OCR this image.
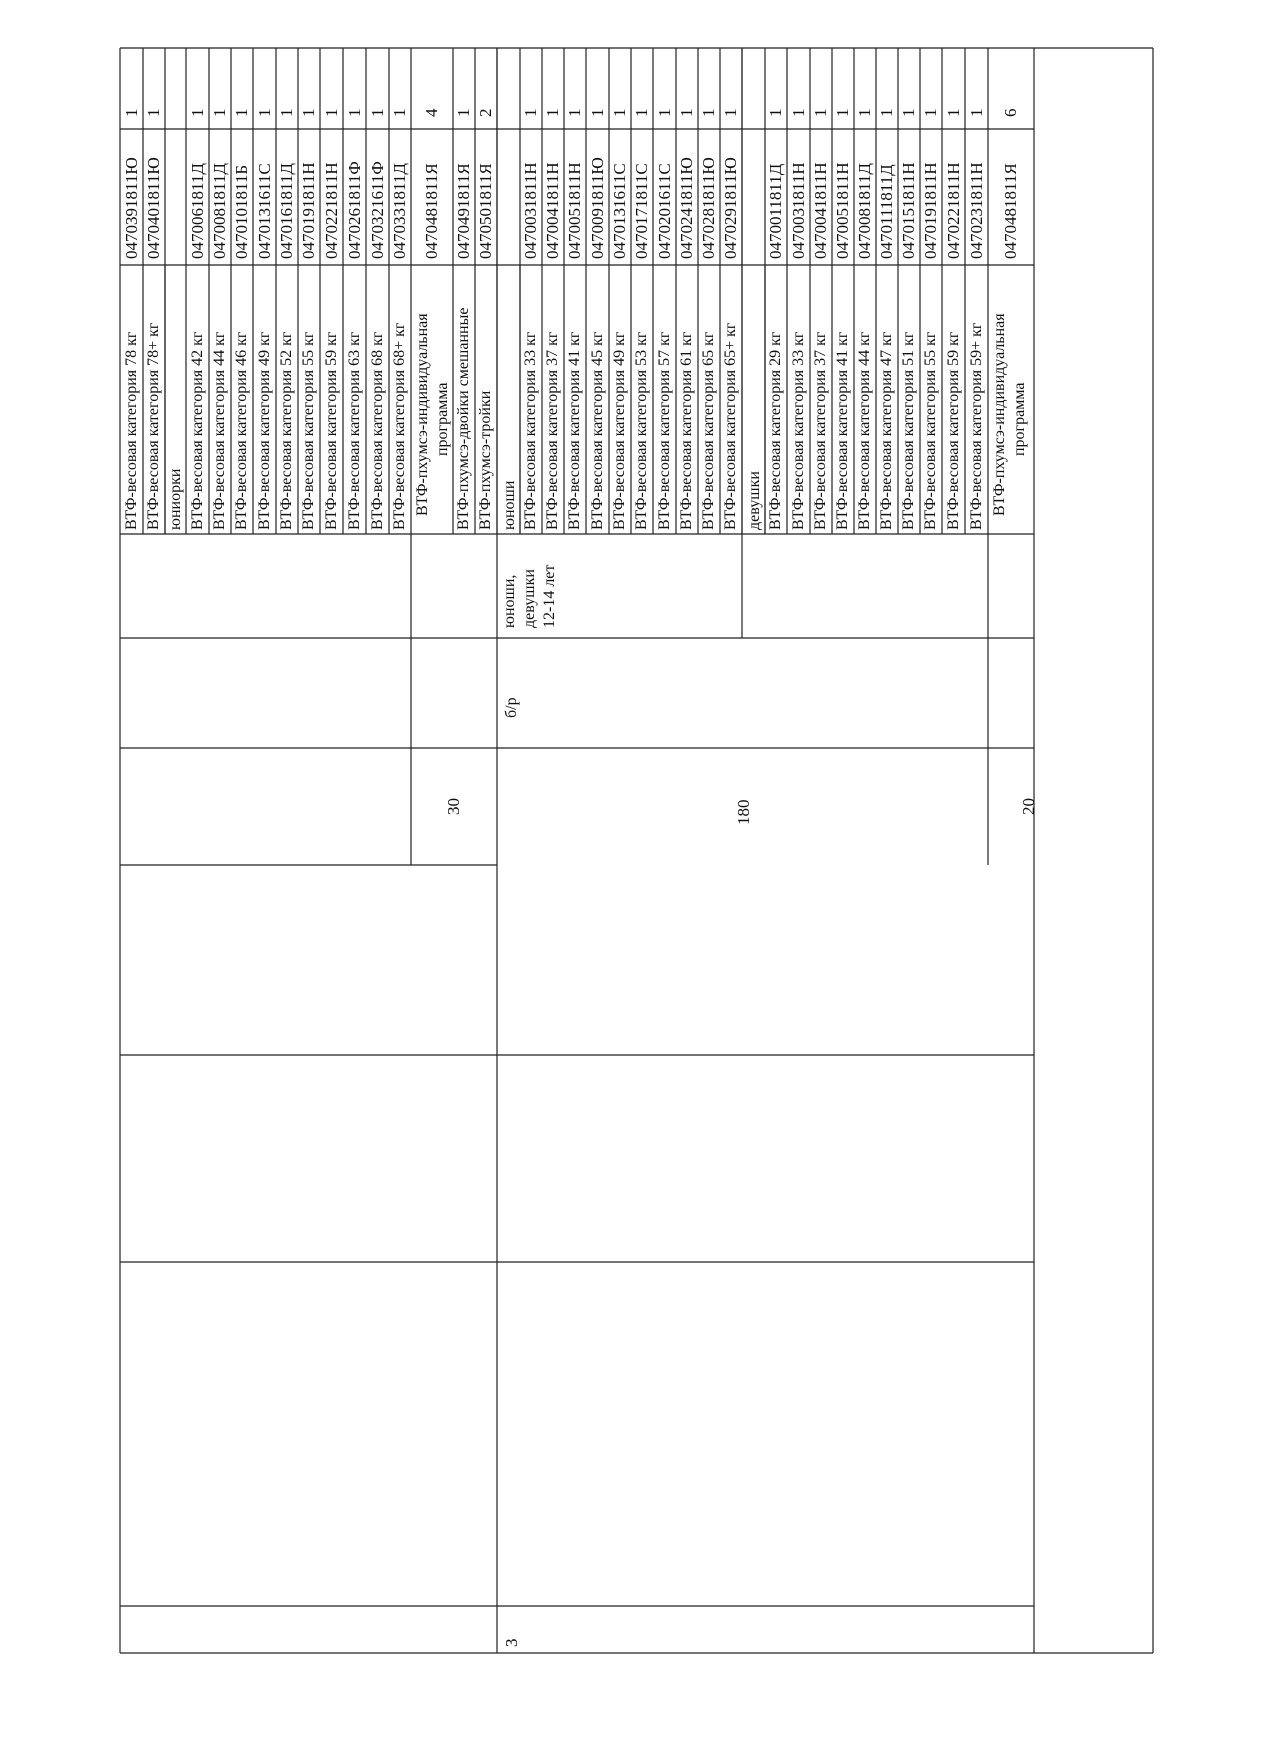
ВТФ-весовая категория 78 кг
0470391811Ю
1
ВТФ-весовая категория 78+ кг
0470401811Ю
1
юниорки ВТФ-весовая категория 42 кг
0470061811Д
1
ВТФ-весовая категория 44 кг
0470081811Д
1
ВТФ-весовая категория 46 кг
0470101811Б
1
ВТФ-весовая категория 49 кг
0470131611С
1
ВТФ-весовая категория 52 кг
0470161811Д
1
ВТФ-весовая категория 55 кг
0470191811Н
1
ВТФ-весовая категория 59 кг
0470221811Н
1
ВТФ-весовая категория 63 кг
0470261811Ф
1
ВТФ-весовая категория 68 кг
0470321611Ф
1
ВТФ-весовая категория 68+ кг
0470331811Д
1
ВТФ-пхумсэ-индивидуальная программа
0470481811Я
4
ВТФ-пхумсэ-двойки смешанные
0470491811Я
1
ВТФ-пхумсэ-тройки
0470501811Я
2
юноши ВТФ-весовая категория 33 кг
0470031811Н
1
ВТФ-весовая категория 37 кг
0470041811Н
1
ВТФ-весовая категория 41 кг
0470051811Н
1
ВТФ-весовая категория 45 кг
0470091811Ю
1
ВТФ-весовая категория 49 кг
0470131611С
1
ВТФ-весовая категория 53 кг
0470171811С
1
ВТФ-весовая категория 57 кг
0470201611С
1
ВТФ-весовая категория 61 кг
0470241811Ю
1
ВТФ-весовая категория 65 кг
0470281811Ю
1
ВТФ-весовая категория 65+ кг
0470291811Ю
1
девушки ВТФ-весовая категория 29 кг
0470011811Д
1
ВТФ-весовая категория 33 кг
0470031811Н
1
ВТФ-весовая категория 37 кг
0470041811Н
1
ВТФ-весовая категория 41 кг
0470051811Н
1
ВТФ-весовая категория 44 кг
0470081811Д
1
ВТФ-весовая категория 47 кг
0470111811Д
1
ВТФ-весовая категория 51 кг
0470151811Н
1
ВТФ-весовая категория 55 кг
0470191811Н
1
ВТФ-весовая категория 59 кг
0470221811Н
1
ВТФ-весовая категория 59+ кг
0470231811Н
1
ВТФ-пхумсэ-индивидуальная программа
0470481811Я
6
юноши, девушки 12-14 лет
б/р
30	180	20
3
